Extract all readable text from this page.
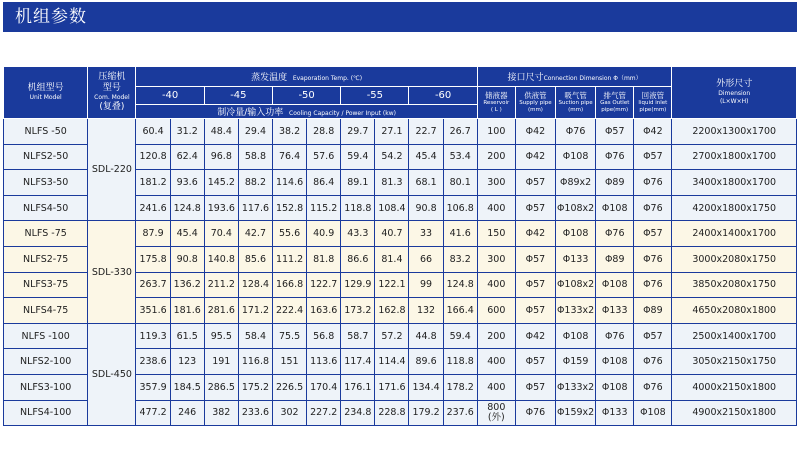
机组参数
机组型号
Unit Model	压缩机
型号
Com. Model
(复叠)	蒸发温度 Evaporation Temp. (℃)										接口尺寸Connection Dimension Φ（mm）					外形尺寸
Dimension
(L×W×H)

		-40		-45		-50		-55		-60		储液器
Reservoir
( L )	供液管
Supply pipe
(mm)	吸气管
Suction pipe
(mm)	排气管
Gas Outlet
pipe(mm)	回液管
liquid inlet
pipe(mm)	

		制冷量/输入功率 Cooling Capacity / Power Input (kw)															
NLFS -50	SDL-220	60.4	31.2	48.4	29.4	38.2	28.8	29.7	27.1	22.7	26.7	100	Φ42	Φ76	Φ57	Φ42	2200x1300x1700
NLFS2-50		120.8	62.4	96.8	58.8	76.4	57.6	59.4	54.2	45.4	53.4	200	Φ42	Φ108	Φ76	Φ57	2700x1800x1700
NLFS3-50		181.2	93.6	145.2	88.2	114.6	86.4	89.1	81.3	68.1	80.1	300	Φ57	Φ89x2	Φ89	Φ76	3400x1800x1700
NLFS4-50		241.6	124.8	193.6	117.6	152.8	115.2	118.8	108.4	90.8	106.8	400	Φ57	Φ108x2	Φ108	Φ76	4200x1800x1750
NLFS -75	SDL-330	87.9	45.4	70.4	42.7	55.6	40.9	43.3	40.7	33	41.6	150	Φ42	Φ108	Φ76	Φ57	2400x1400x1700
NLFS2-75		175.8	90.8	140.8	85.6	111.2	81.8	86.6	81.4	66	83.2	300	Φ57	Φ133	Φ89	Φ76	3000x2080x1750
NLFS3-75		263.7	136.2	211.2	128.4	166.8	122.7	129.9	122.1	99	124.8	400	Φ57	Φ108x2	Φ108	Φ76	3850x2080x1750
NLFS4-75		351.6	181.6	281.6	171.2	222.4	163.6	173.2	162.8	132	166.4	600	Φ57	Φ133x2	Φ133	Φ89	4650x2080x1800
NLFS -100	SDL-450	119.3	61.5	95.5	58.4	75.5	56.8	58.7	57.2	44.8	59.4	200	Φ42	Φ108	Φ76	Φ57	2500x1400x1700
NLFS2-100		238.6	123	191	116.8	151	113.6	117.4	114.4	89.6	118.8	400	Φ57	Φ159	Φ108	Φ76	3050x2150x1750
NLFS3-100		357.9	184.5	286.5	175.2	226.5	170.4	176.1	171.6	134.4	178.2	400	Φ57	Φ133x2	Φ108	Φ76	4000x2150x1800
NLFS4-100		477.2	246	382	233.6	302	227.2	234.8	228.8	179.2	237.6	800
(外)	Φ76	Φ159x2	Φ133	Φ108	4900x2150x1800
